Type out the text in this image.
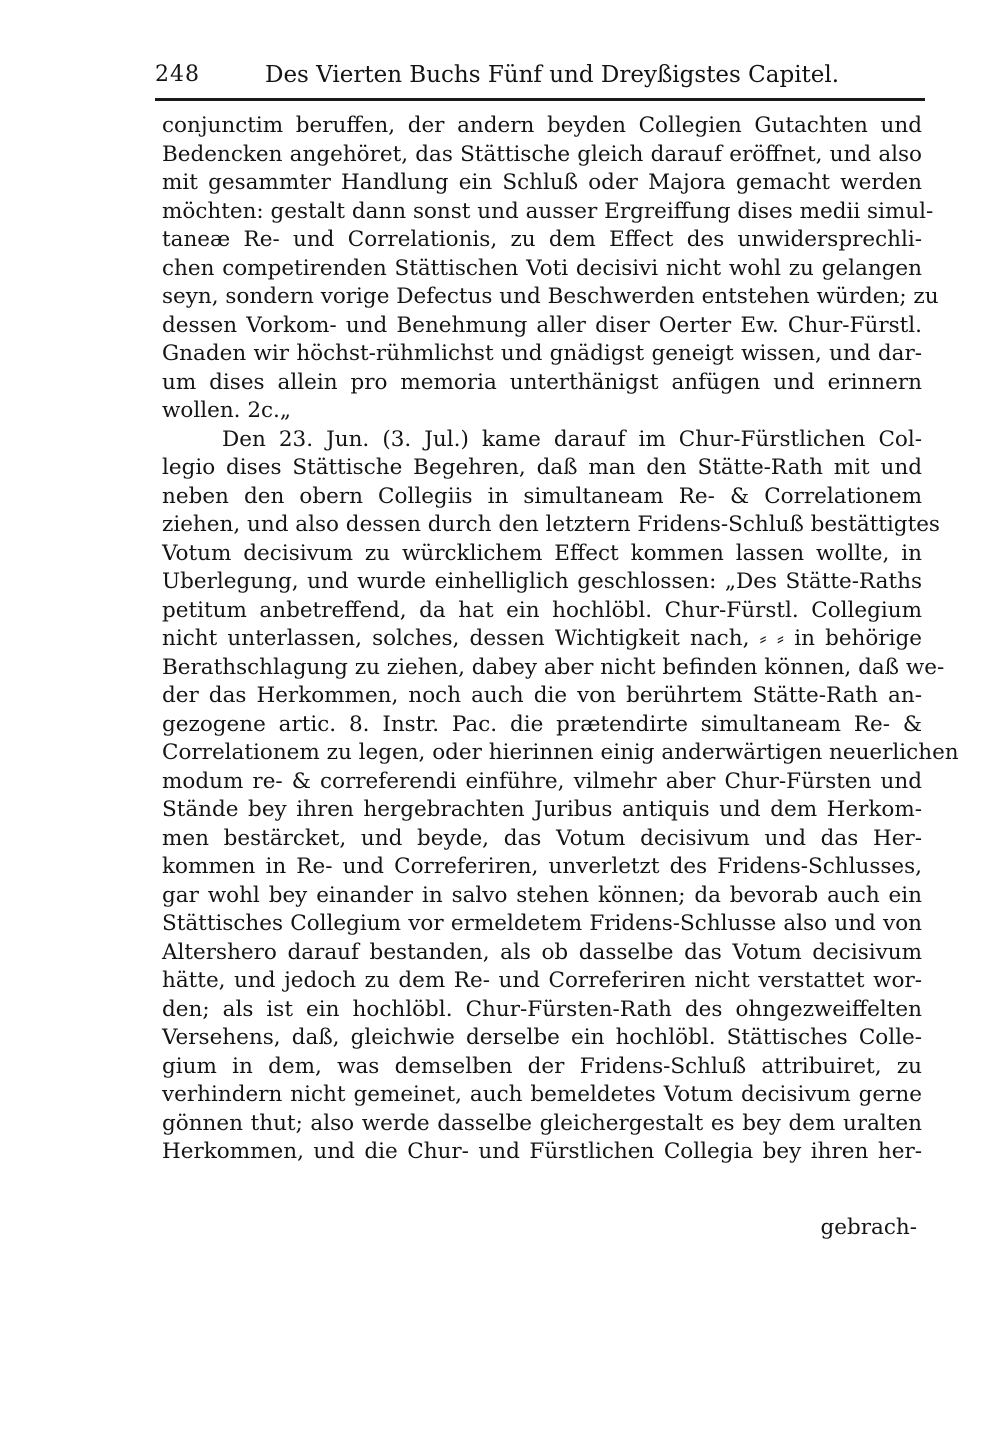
248	Des Vierten Buchs Fünf und Dreyßigstes Capitel.
conjunctim beruffen, der andern beyden Collegien Gutachten und
Bedencken angehöret, das Stättische gleich darauf eröffnet, und also
mit gesammter Handlung ein Schluß oder Majora gemacht werden
möchten: gestalt dann sonst und ausser Ergreiffung dises medii simul-
taneæ Re- und Correlationis, zu dem Effect des unwidersprechli-
chen competirenden Stättischen Voti decisivi nicht wohl zu gelangen
seyn, sondern vorige Defectus und Beschwerden entstehen würden; zu
dessen Vorkom- und Benehmung aller diser Oerter Ew. Chur-Fürstl.
Gnaden wir höchst-rühmlichst und gnädigst geneigt wissen, und dar-
um dises allein pro memoria unterthänigst anfügen und erinnern
wollen. 2c.„
Den 23. Jun. (3. Jul.) kame darauf im Chur-Fürstlichen Col-
legio dises Stättische Begehren, daß man den Stätte-Rath mit und
neben den obern Collegiis in simultaneam Re- & Correlationem
ziehen, und also dessen durch den letztern Fridens-Schluß bestättigtes
Votum decisivum zu würcklichem Effect kommen lassen wollte, in
Uberlegung, und wurde einhelliglich geschlossen: „Des Stätte-Raths
petitum anbetreffend, da hat ein hochlöbl. Chur-Fürstl. Collegium
nicht unterlassen, solches, dessen Wichtigkeit nach, ⸗ ⸗ in behörige
Berathschlagung zu ziehen, dabey aber nicht befinden können, daß we-
der das Herkommen, noch auch die von berührtem Stätte-Rath an-
gezogene artic. 8. Instr. Pac. die prætendirte simultaneam Re- &
Correlationem zu legen, oder hierinnen einig anderwärtigen neuerlichen
modum re- & correferendi einführe, vilmehr aber Chur-Fürsten und
Stände bey ihren hergebrachten Juribus antiquis und dem Herkom-
men bestärcket, und beyde, das Votum decisivum und das Her-
kommen in Re- und Correferiren, unverletzt des Fridens-Schlusses,
gar wohl bey einander in salvo stehen können; da bevorab auch ein
Stättisches Collegium vor ermeldetem Fridens-Schlusse also und von
Altershero darauf bestanden, als ob dasselbe das Votum decisivum
hätte, und jedoch zu dem Re- und Correferiren nicht verstattet wor-
den; als ist ein hochlöbl. Chur-Fürsten-Rath des ohngezweiffelten
Versehens, daß, gleichwie derselbe ein hochlöbl. Stättisches Colle-
gium in dem, was demselben der Fridens-Schluß attribuiret, zu
verhindern nicht gemeinet, auch bemeldetes Votum decisivum gerne
gönnen thut; also werde dasselbe gleichergestalt es bey dem uralten
Herkommen, und die Chur- und Fürstlichen Collegia bey ihren her-
gebrach-
